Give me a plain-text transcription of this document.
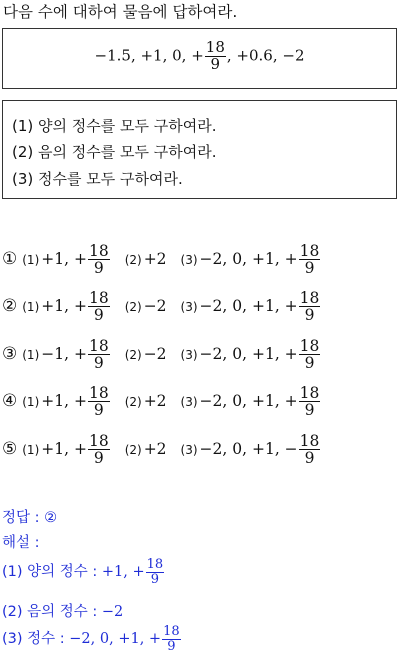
다음 수에 대하여 물음에 답하여라.
−1.5, +1, 0, + $\frac{18}{9}$ , +0.6, −2
(1) 양의 정수를 모두 구하여라.
(2) 음의 정수를 모두 구하여라.
(3) 정수를 모두 구하여라.
① (1) +1, + $\frac{18}{9} (2) +2$ (3) −2, 0, +1, + $\frac{18}{9}$
② (1) +1, + $\frac{18}{9} (2) -2$ (3) −2, 0, +1, + $\frac{18}{9}$
③ (1) −1, + $\frac{18}{9} (2) -2$ (3) −2, 0, +1, + $\frac{18}{9}$
④ (1) +1, + $\frac{18}{9} (2) +2$ (3) −2, 0, +1, + $\frac{18}{9}$
⑤ (1) +1, + $\frac{18}{9} (2) +2$ (3) −2, 0, +1, − $\frac{18}{9}$
정답 : ②
해설 :
(1) 양의 정수 : +1, + $\frac{18}{9}$
(2) 음의 정수 : −2
(3) 정수 : −2, 0, +1, + $\frac{18}{9}$
